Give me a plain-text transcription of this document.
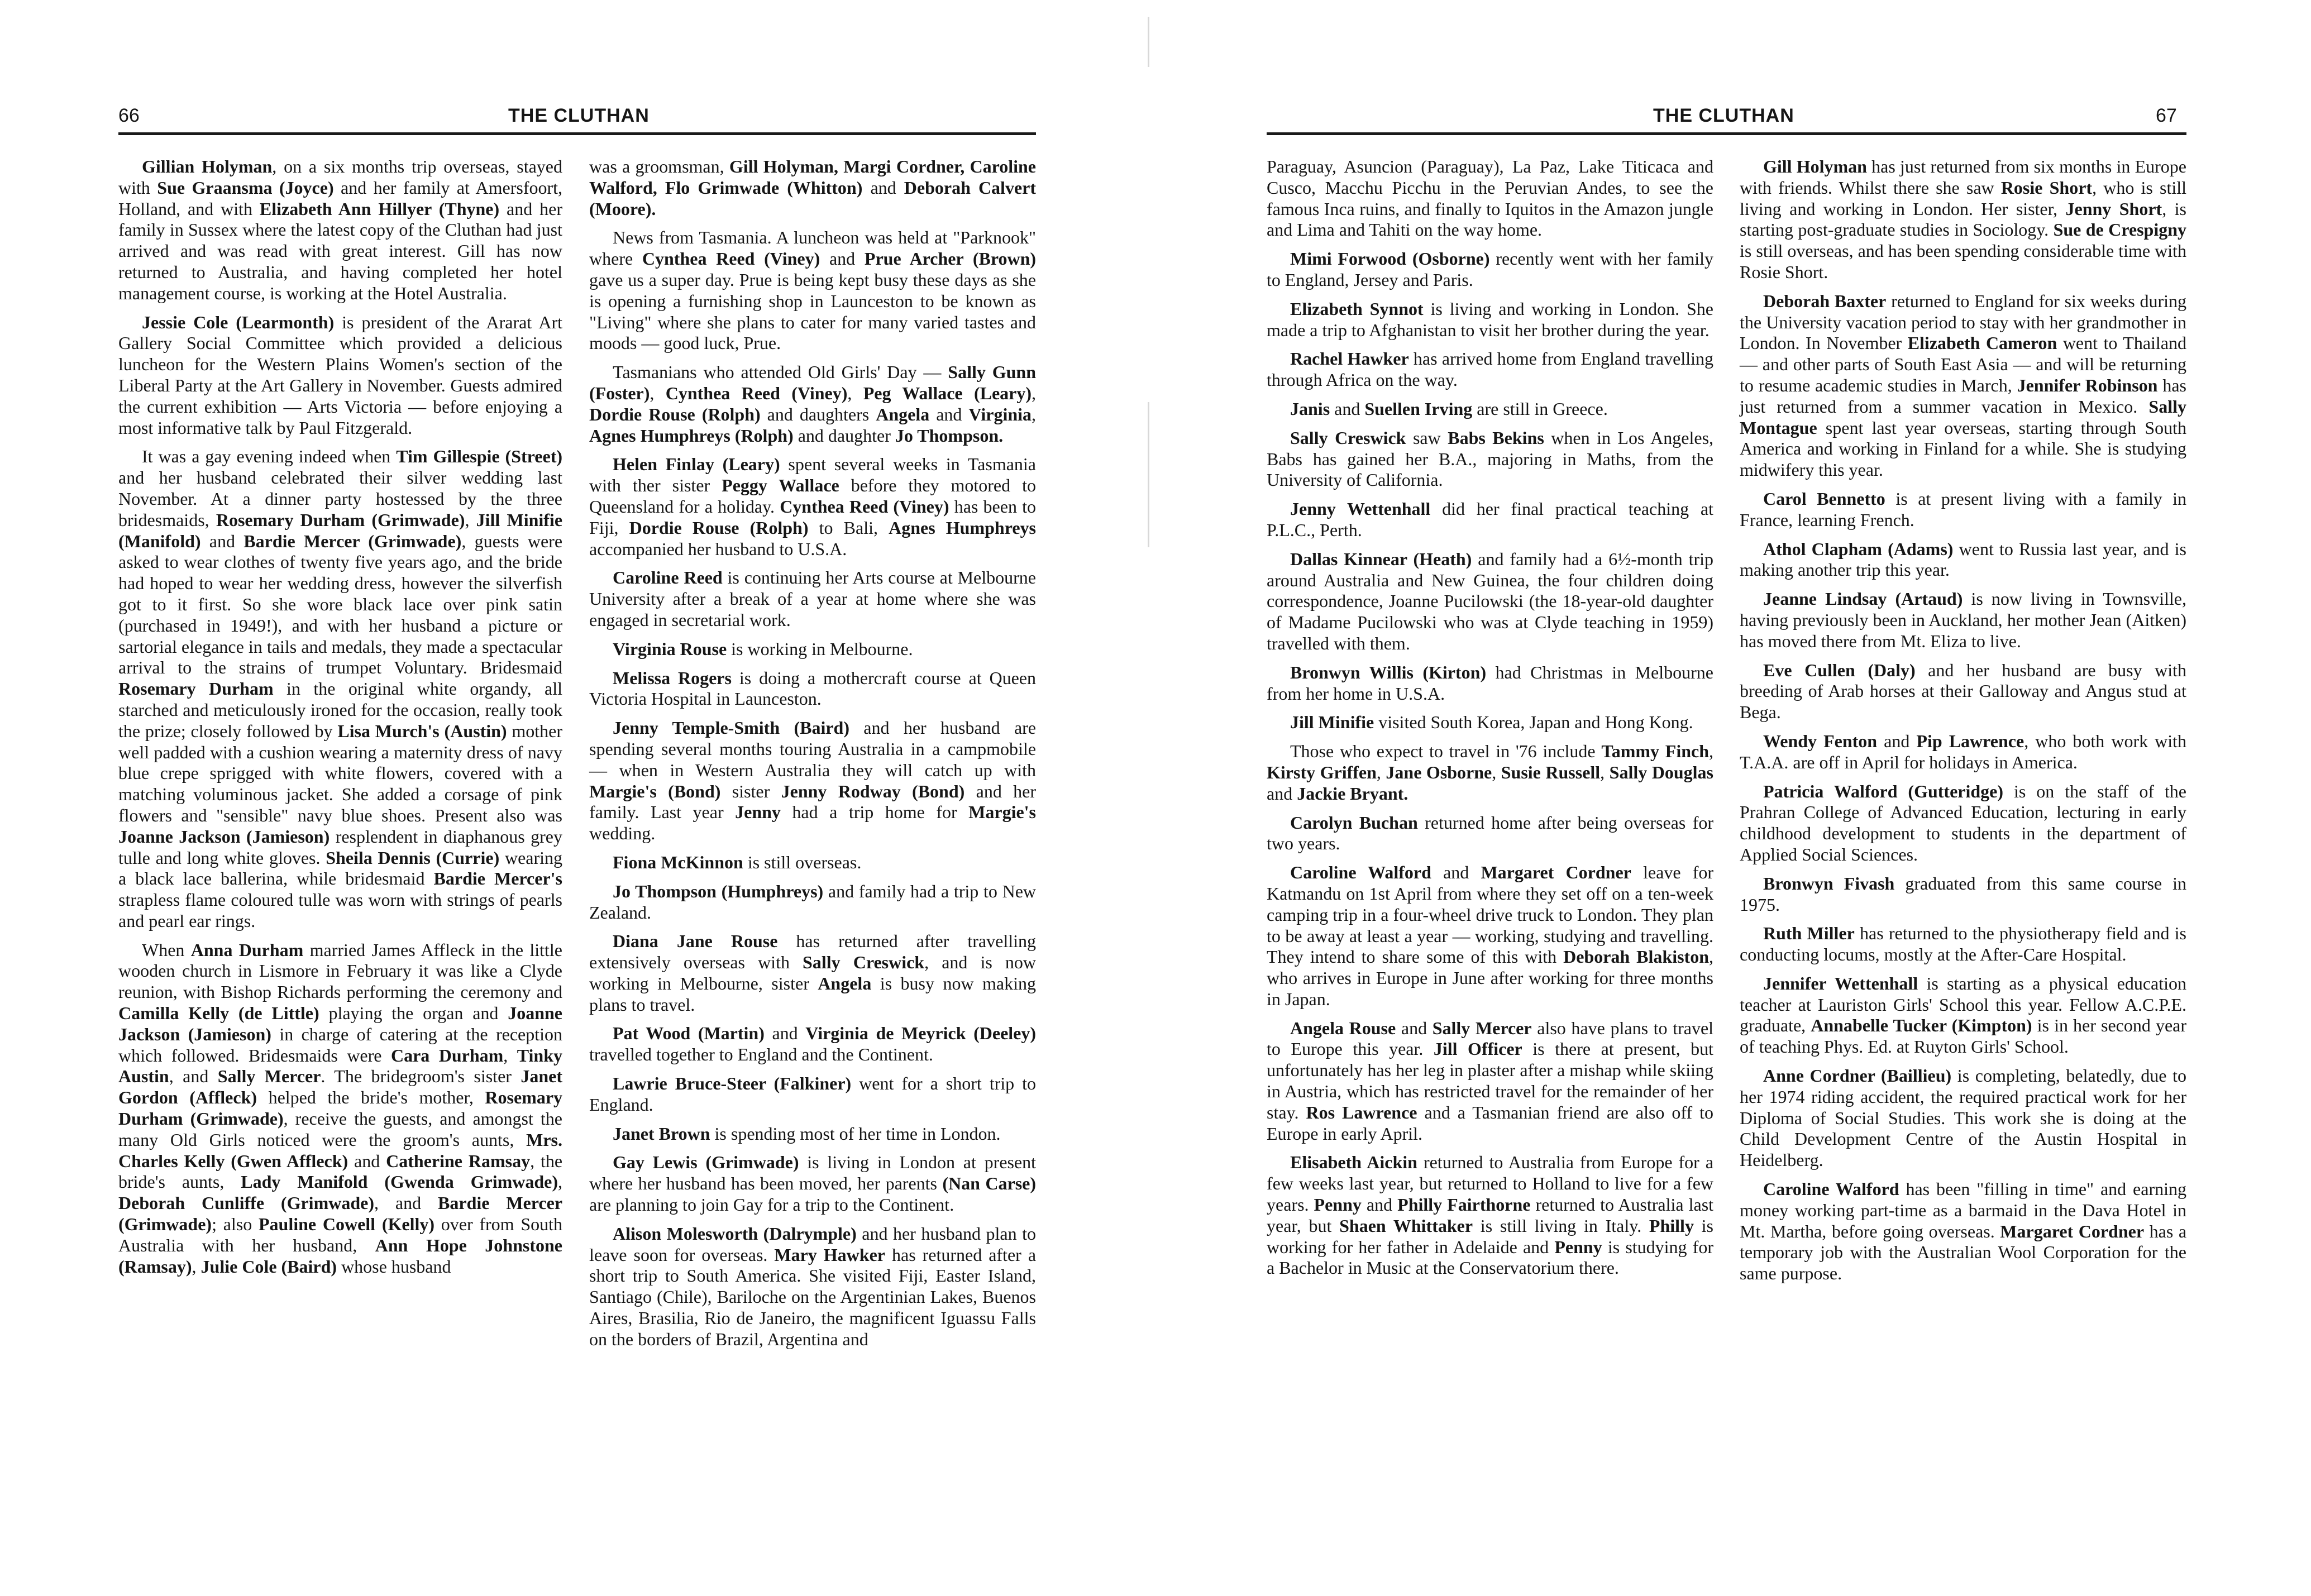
66	THE CLUTHAN	THE CLUTHAN	67

Gillian Holyman, on a six months trip overseas, stayed with Sue Graansma (Joyce) and her family at Amersfoort, Holland, and with Elizabeth Ann Hillyer (Thyne) and her family in Sussex where the latest copy of the Cluthan had just arrived and was read with great interest. Gill has now returned to Australia, and having completed her hotel management course, is working at the Hotel Australia.

Jessie Cole (Learmonth) is president of the Ararat Art Gallery Social Committee which provided a delicious luncheon for the Western Plains Women's section of the Liberal Party at the Art Gallery in November. Guests admired the current exhibition — Arts Victoria — before enjoying a most informative talk by Paul Fitzgerald.

It was a gay evening indeed when Tim Gillespie (Street) and her husband celebrated their silver wedding last November. At a dinner party hostessed by the three bridesmaids, Rosemary Durham (Grimwade), Jill Minifie (Manifold) and Bardie Mercer (Grimwade), guests were asked to wear clothes of twenty five years ago, and the bride had hoped to wear her wedding dress, however the silverfish got to it first. So she wore black lace over pink satin (purchased in 1949!), and with her husband a picture or sartorial elegance in tails and medals, they made a spectacular arrival to the strains of trumpet Voluntary. Bridesmaid Rosemary Durham in the original white organdy, all starched and meticulously ironed for the occasion, really took the prize; closely followed by Lisa Murch's (Austin) mother well padded with a cushion wearing a maternity dress of navy blue crepe sprigged with white flowers, covered with a matching voluminous jacket. She added a corsage of pink flowers and "sensible" navy blue shoes. Present also was Joanne Jackson (Jamieson) resplendent in diaphanous grey tulle and long white gloves. Sheila Dennis (Currie) wearing a black lace ballerina, while bridesmaid Bardie Mercer's strapless flame coloured tulle was worn with strings of pearls and pearl ear rings.

When Anna Durham married James Affleck in the little wooden church in Lismore in February it was like a Clyde reunion, with Bishop Richards performing the ceremony and Camilla Kelly (de Little) playing the organ and Joanne Jackson (Jamieson) in charge of catering at the reception which followed. Bridesmaids were Cara Durham, Tinky Austin, and Sally Mercer. The bridegroom's sister Janet Gordon (Affleck) helped the bride's mother, Rosemary Durham (Grimwade), receive the guests, and amongst the many Old Girls noticed were the groom's aunts, Mrs. Charles Kelly (Gwen Affleck) and Catherine Ramsay, the bride's aunts, Lady Manifold (Gwenda Grimwade), Deborah Cunliffe (Grimwade), and Bardie Mercer (Grimwade); also Pauline Cowell (Kelly) over from South Australia with her husband, Ann Hope Johnstone (Ramsay), Julie Cole (Baird) whose husband

was a groomsman, Gill Holyman, Margi Cordner, Caroline Walford, Flo Grimwade (Whitton) and Deborah Calvert (Moore).

News from Tasmania. A luncheon was held at "Parknook" where Cynthea Reed (Viney) and Prue Archer (Brown) gave us a super day. Prue is being kept busy these days as she is opening a furnishing shop in Launceston to be known as "Living" where she plans to cater for many varied tastes and moods — good luck, Prue.

Tasmanians who attended Old Girls' Day — Sally Gunn (Foster), Cynthea Reed (Viney), Peg Wallace (Leary), Dordie Rouse (Rolph) and daughters Angela and Virginia, Agnes Humphreys (Rolph) and daughter Jo Thompson.

Helen Finlay (Leary) spent several weeks in Tasmania with ther sister Peggy Wallace before they motored to Queensland for a holiday. Cynthea Reed (Viney) has been to Fiji, Dordie Rouse (Rolph) to Bali, Agnes Humphreys accompanied her husband to U.S.A.

Caroline Reed is continuing her Arts course at Melbourne University after a break of a year at home where she was engaged in secretarial work.

Virginia Rouse is working in Melbourne.

Melissa Rogers is doing a mothercraft course at Queen Victoria Hospital in Launceston.

Jenny Temple-Smith (Baird) and her husband are spending several months touring Australia in a campmobile — when in Western Australia they will catch up with Margie's (Bond) sister Jenny Rodway (Bond) and her family. Last year Jenny had a trip home for Margie's wedding.

Fiona McKinnon is still overseas.

Jo Thompson (Humphreys) and family had a trip to New Zealand.

Diana Jane Rouse has returned after travelling extensively overseas with Sally Creswick, and is now working in Melbourne, sister Angela is busy now making plans to travel.

Pat Wood (Martin) and Virginia de Meyrick (Deeley) travelled together to England and the Continent.

Lawrie Bruce-Steer (Falkiner) went for a short trip to England.

Janet Brown is spending most of her time in London.

Gay Lewis (Grimwade) is living in London at present where her husband has been moved, her parents (Nan Carse) are planning to join Gay for a trip to the Continent.

Alison Molesworth (Dalrymple) and her husband plan to leave soon for overseas. Mary Hawker has returned after a short trip to South America. She visited Fiji, Easter Island, Santiago (Chile), Bariloche on the Argentinian Lakes, Buenos Aires, Brasilia, Rio de Janeiro, the magnificent Iguassu Falls on the borders of Brazil, Argentina and

Paraguay, Asuncion (Paraguay), La Paz, Lake Titicaca and Cusco, Macchu Picchu in the Peruvian Andes, to see the famous Inca ruins, and finally to Iquitos in the Amazon jungle and Lima and Tahiti on the way home.

Mimi Forwood (Osborne) recently went with her family to England, Jersey and Paris.

Elizabeth Synnot is living and working in London. She made a trip to Afghanistan to visit her brother during the year.

Rachel Hawker has arrived home from England travelling through Africa on the way.

Janis and Suellen Irving are still in Greece.

Sally Creswick saw Babs Bekins when in Los Angeles, Babs has gained her B.A., majoring in Maths, from the University of California.

Jenny Wettenhall did her final practical teaching at P.L.C., Perth.

Dallas Kinnear (Heath) and family had a 6½-month trip around Australia and New Guinea, the four children doing correspondence, Joanne Pucilowski (the 18-year-old daughter of Madame Pucilowski who was at Clyde teaching in 1959) travelled with them.

Bronwyn Willis (Kirton) had Christmas in Melbourne from her home in U.S.A.

Jill Minifie visited South Korea, Japan and Hong Kong.

Those who expect to travel in '76 include Tammy Finch, Kirsty Griffen, Jane Osborne, Susie Russell, Sally Douglas and Jackie Bryant.

Carolyn Buchan returned home after being overseas for two years.

Caroline Walford and Margaret Cordner leave for Katmandu on 1st April from where they set off on a ten-week camping trip in a four-wheel drive truck to London. They plan to be away at least a year — working, studying and travelling. They intend to share some of this with Deborah Blakiston, who arrives in Europe in June after working for three months in Japan.

Angela Rouse and Sally Mercer also have plans to travel to Europe this year. Jill Officer is there at present, but unfortunately has her leg in plaster after a mishap while skiing in Austria, which has restricted travel for the remainder of her stay. Ros Lawrence and a Tasmanian friend are also off to Europe in early April.

Elisabeth Aickin returned to Australia from Europe for a few weeks last year, but returned to Holland to live for a few years. Penny and Philly Fairthorne returned to Australia last year, but Shaen Whittaker is still living in Italy. Philly is working for her father in Adelaide and Penny is studying for a Bachelor in Music at the Conservatorium there.

Gill Holyman has just returned from six months in Europe with friends. Whilst there she saw Rosie Short, who is still living and working in London. Her sister, Jenny Short, is starting post-graduate studies in Sociology. Sue de Crespigny is still overseas, and has been spending considerable time with Rosie Short.

Deborah Baxter returned to England for six weeks during the University vacation period to stay with her grandmother in London. In November Elizabeth Cameron went to Thailand — and other parts of South East Asia — and will be returning to resume academic studies in March, Jennifer Robinson has just returned from a summer vacation in Mexico. Sally Montague spent last year overseas, starting through South America and working in Finland for a while. She is studying midwifery this year.

Carol Bennetto is at present living with a family in France, learning French.

Athol Clapham (Adams) went to Russia last year, and is making another trip this year.

Jeanne Lindsay (Artaud) is now living in Townsville, having previously been in Auckland, her mother Jean (Aitken) has moved there from Mt. Eliza to live.

Eve Cullen (Daly) and her husband are busy with breeding of Arab horses at their Galloway and Angus stud at Bega.

Wendy Fenton and Pip Lawrence, who both work with T.A.A. are off in April for holidays in America.

Patricia Walford (Gutteridge) is on the staff of the Prahran College of Advanced Education, lecturing in early childhood development to students in the department of Applied Social Sciences.

Bronwyn Fivash graduated from this same course in 1975.

Ruth Miller has returned to the physiotherapy field and is conducting locums, mostly at the After-Care Hospital.

Jennifer Wettenhall is starting as a physical education teacher at Lauriston Girls' School this year. Fellow A.C.P.E. graduate, Annabelle Tucker (Kimpton) is in her second year of teaching Phys. Ed. at Ruyton Girls' School.

Anne Cordner (Baillieu) is completing, belatedly, due to her 1974 riding accident, the required practical work for her Diploma of Social Studies. This work she is doing at the Child Development Centre of the Austin Hospital in Heidelberg.

Caroline Walford has been "filling in time" and earning money working part-time as a barmaid in the Dava Hotel in Mt. Martha, before going overseas. Margaret Cordner has a temporary job with the Australian Wool Corporation for the same purpose.
